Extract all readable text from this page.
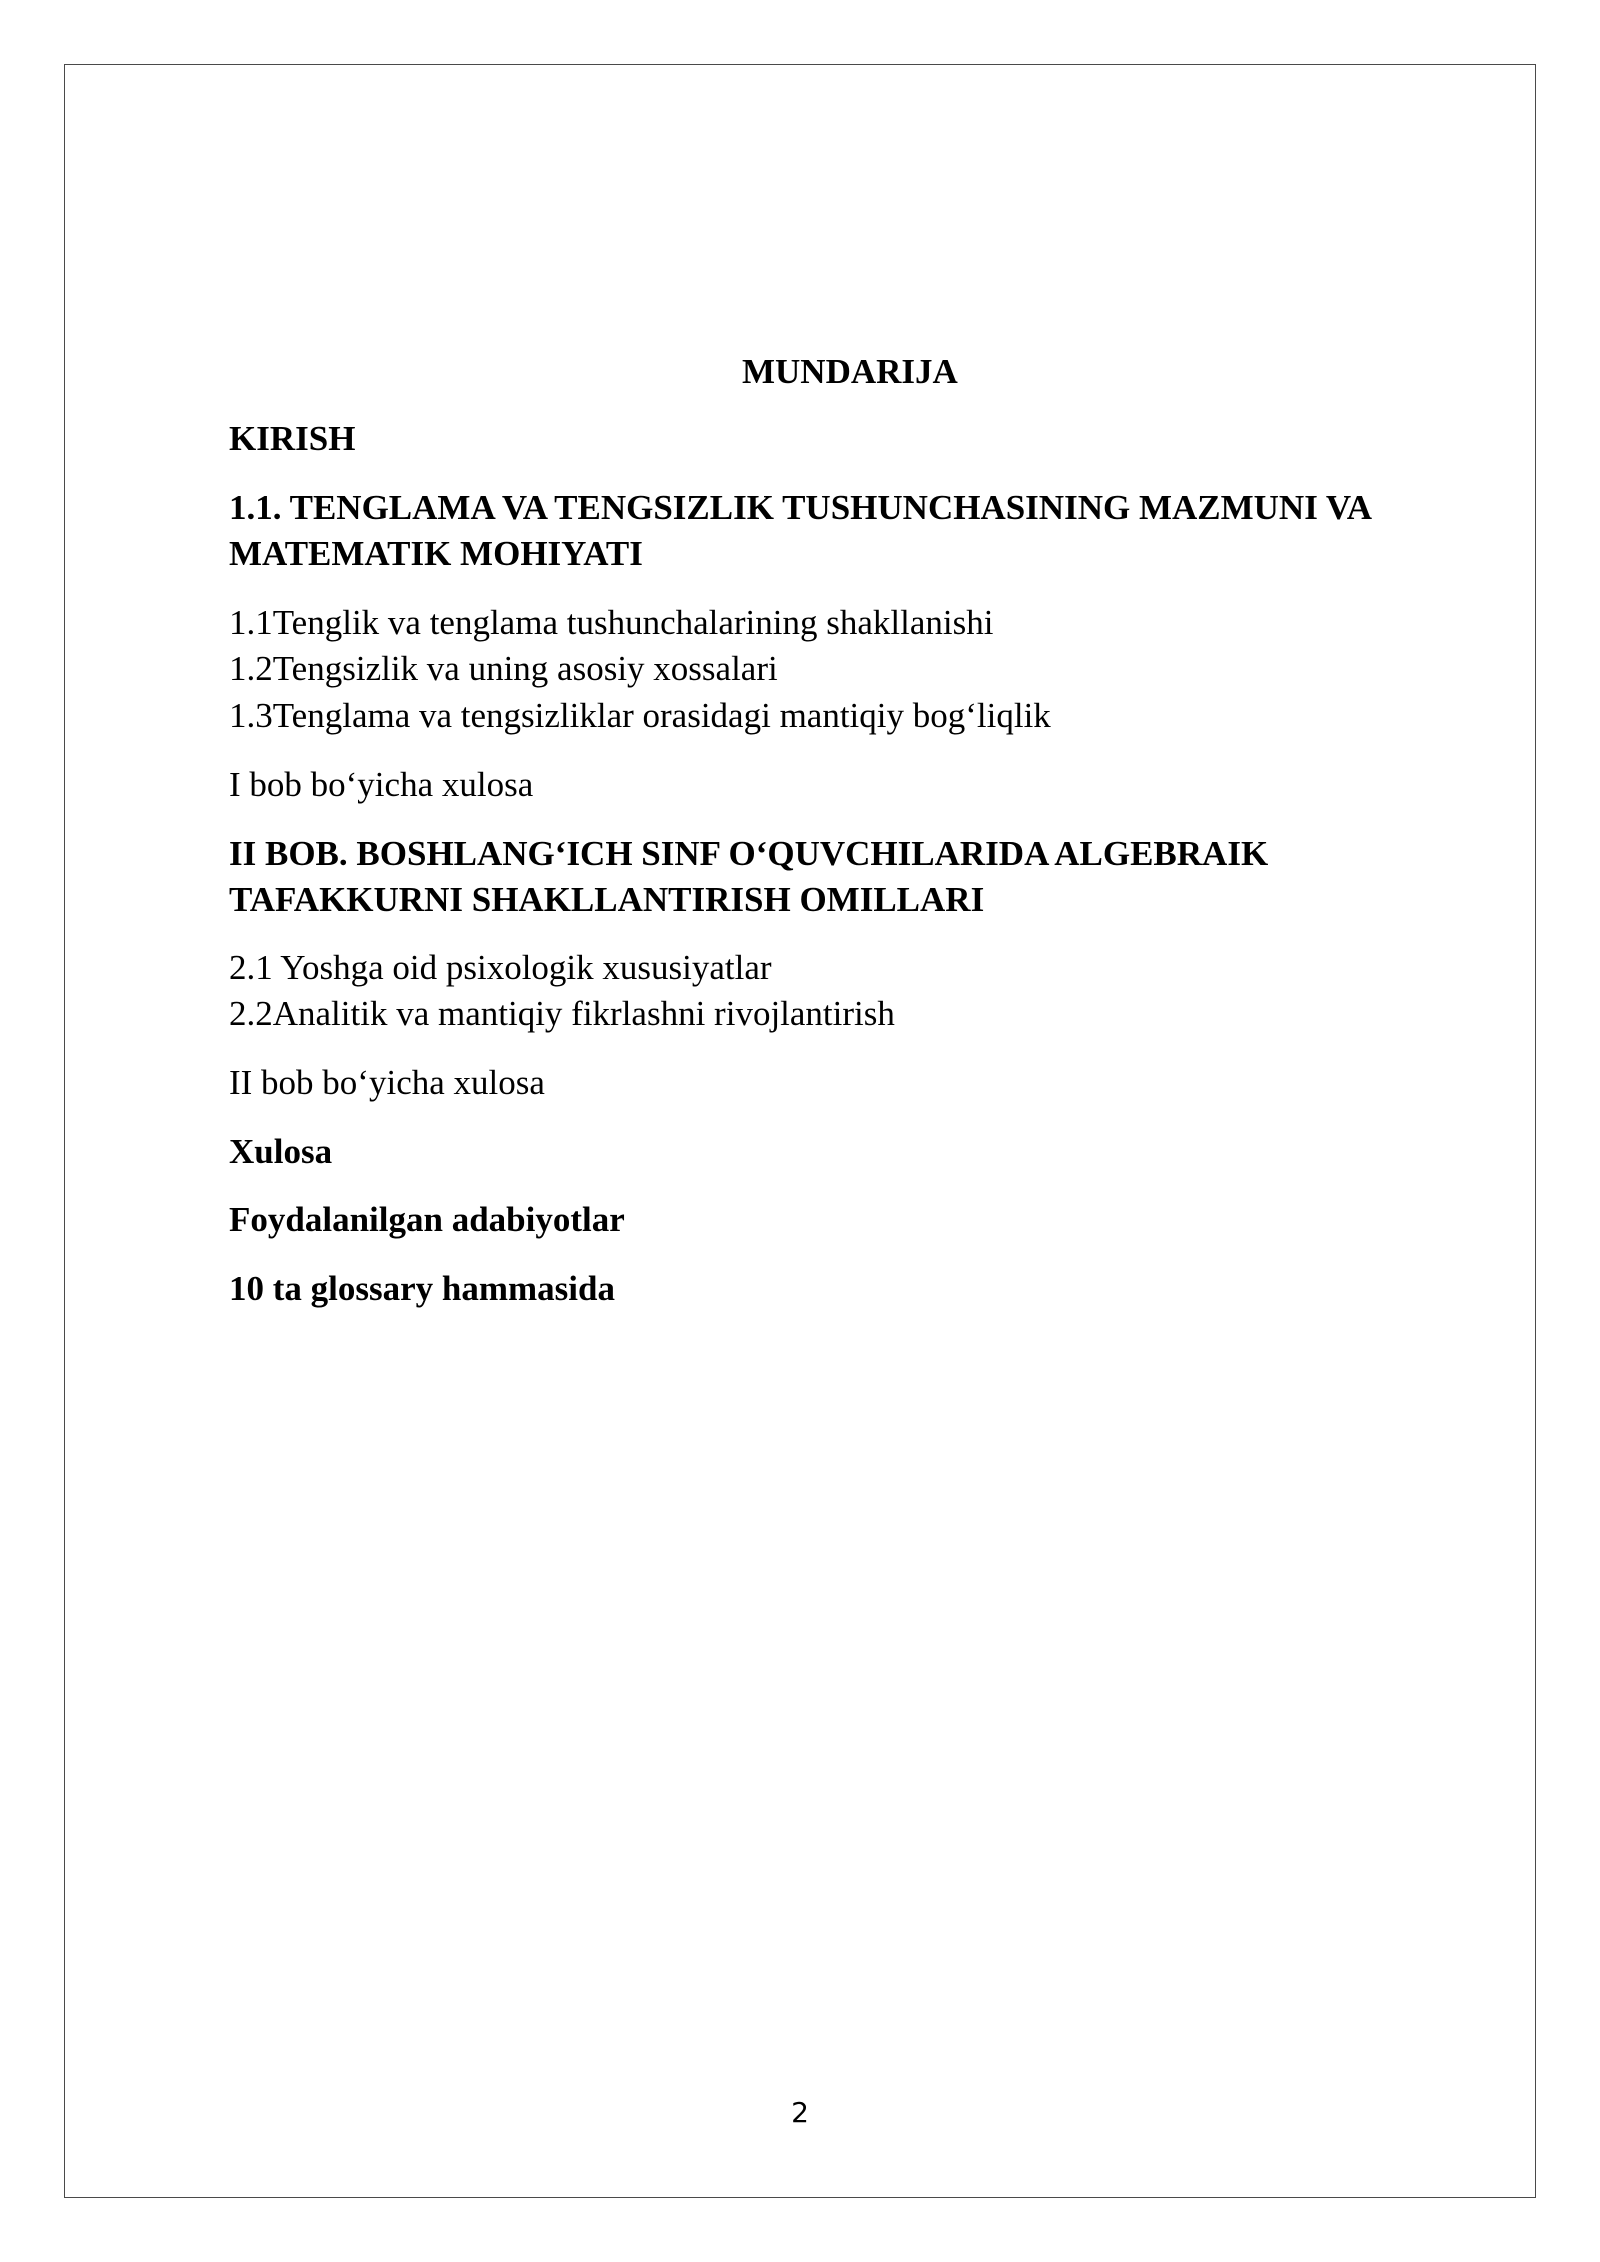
MUNDARIJA
KIRISH
1.1. TENGLAMA VA TENGSIZLIK TUSHUNCHASINING MAZMUNI VA MATEMATIK MOHIYATI
1.1Tenglik va tenglama tushunchalarining shakllanishi
1.2Tengsizlik va uning asosiy xossalari
1.3Tenglama va tengsizliklar orasidagi mantiqiy bog‘liqlik
I bob bo‘yicha xulosa
II BOB. BOSHLANG‘ICH SINF O‘QUVCHILARIDA ALGEBRAIK TAFAKKURNI SHAKLLANTIRISH OMILLARI
2.1 Yoshga oid psixologik xususiyatlar
2.2Analitik va mantiqiy fikrlashni rivojlantirish
II bob bo‘yicha xulosa
Xulosa
Foydalanilgan adabiyotlar
10 ta glossary hammasida
2
